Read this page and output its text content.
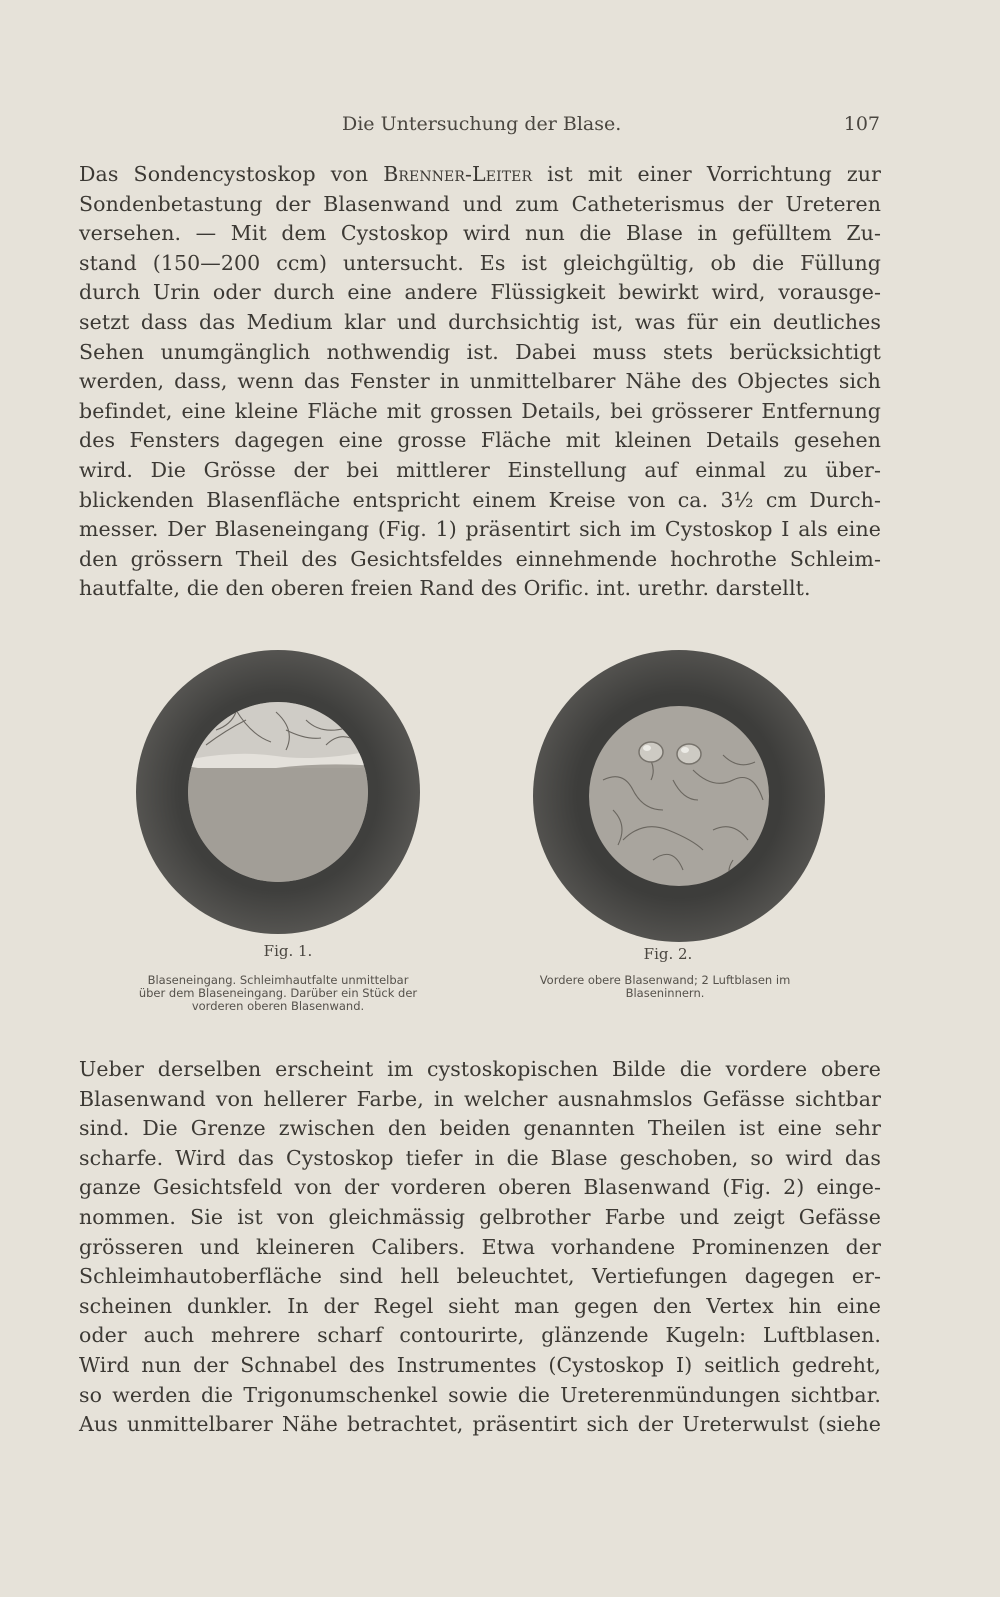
Die Untersuchung der Blase.	107
Das Sondencystoskop von Brenner-Leiter ist mit einer Vorrichtung zur
Sondenbetastung der Blasenwand und zum Catheterismus der Ureteren
versehen. — Mit dem Cystoskop wird nun die Blase in gefülltem Zu-
stand (150—200 ccm) untersucht. Es ist gleichgültig, ob die Füllung
durch Urin oder durch eine andere Flüssigkeit bewirkt wird, vorausge-
setzt dass das Medium klar und durchsichtig ist, was für ein deutliches
Sehen unumgänglich nothwendig ist. Dabei muss stets berücksichtigt
werden, dass, wenn das Fenster in unmittelbarer Nähe des Objectes sich
befindet, eine kleine Fläche mit grossen Details, bei grösserer Entfernung
des Fensters dagegen eine grosse Fläche mit kleinen Details gesehen
wird. Die Grösse der bei mittlerer Einstellung auf einmal zu über-
blickenden Blasenfläche entspricht einem Kreise von ca. 3½ cm Durch-
messer. Der Blaseneingang (Fig. 1) präsentirt sich im Cystoskop I als eine
den grössern Theil des Gesichtsfeldes einnehmende hochrothe Schleim-
hautfalte, die den oberen freien Rand des Orific. int. urethr. darstellt.
Fig. 1.	Fig. 2.
Blaseneingang. Schleimhautfalte unmittelbar
über dem Blaseneingang. Darüber ein Stück der
vorderen oberen Blasenwand.
Vordere obere Blasenwand; 2 Luftblasen im
Blaseninnern.
Ueber derselben erscheint im cystoskopischen Bilde die vordere obere
Blasenwand von hellerer Farbe, in welcher ausnahmslos Gefässe sichtbar
sind. Die Grenze zwischen den beiden genannten Theilen ist eine sehr
scharfe. Wird das Cystoskop tiefer in die Blase geschoben, so wird das
ganze Gesichtsfeld von der vorderen oberen Blasenwand (Fig. 2) einge-
nommen. Sie ist von gleichmässig gelbrother Farbe und zeigt Gefässe
grösseren und kleineren Calibers. Etwa vorhandene Prominenzen der
Schleimhautoberfläche sind hell beleuchtet, Vertiefungen dagegen er-
scheinen dunkler. In der Regel sieht man gegen den Vertex hin eine
oder auch mehrere scharf contourirte, glänzende Kugeln: Luftblasen.
Wird nun der Schnabel des Instrumentes (Cystoskop I) seitlich gedreht,
so werden die Trigonumschenkel sowie die Ureterenmündungen sichtbar.
Aus unmittelbarer Nähe betrachtet, präsentirt sich der Ureterwulst (siehe
